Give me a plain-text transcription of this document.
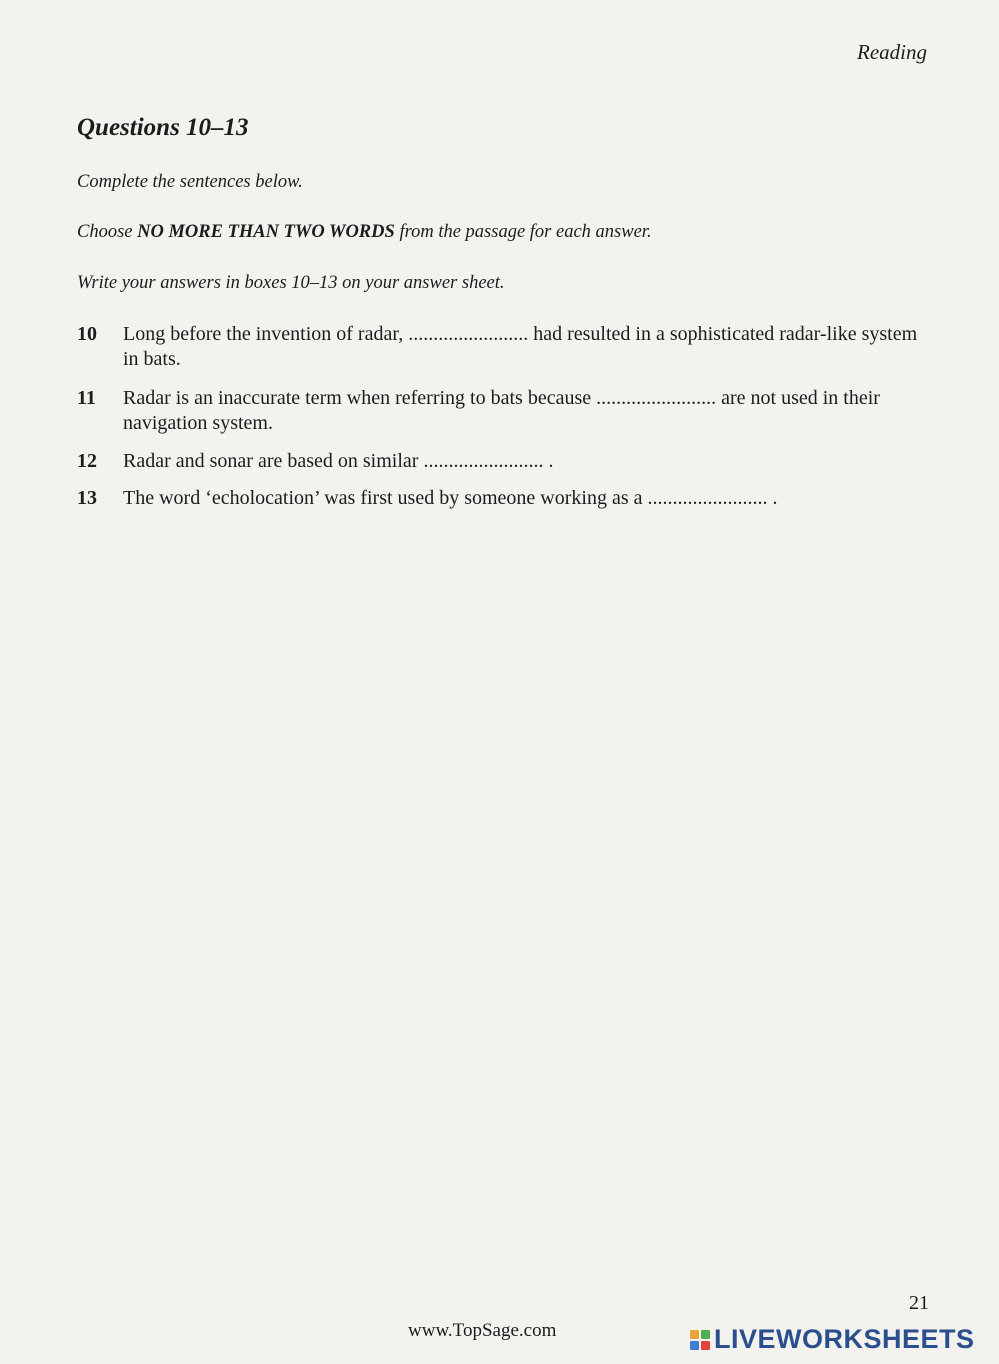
Reading
Questions 10–13
Complete the sentences below.
Choose NO MORE THAN TWO WORDS from the passage for each answer.
Write your answers in boxes 10–13 on your answer sheet.
10	Long before the invention of radar, ........................ had resulted in a sophisticated radar-like system in bats.
11	Radar is an inaccurate term when referring to bats because ........................ are not used in their navigation system.
12	Radar and sonar are based on similar ........................ .
13	The word ‘echolocation’ was first used by someone working as a ........................ .
21
www.TopSage.com	LIVEWORKSHEETS
